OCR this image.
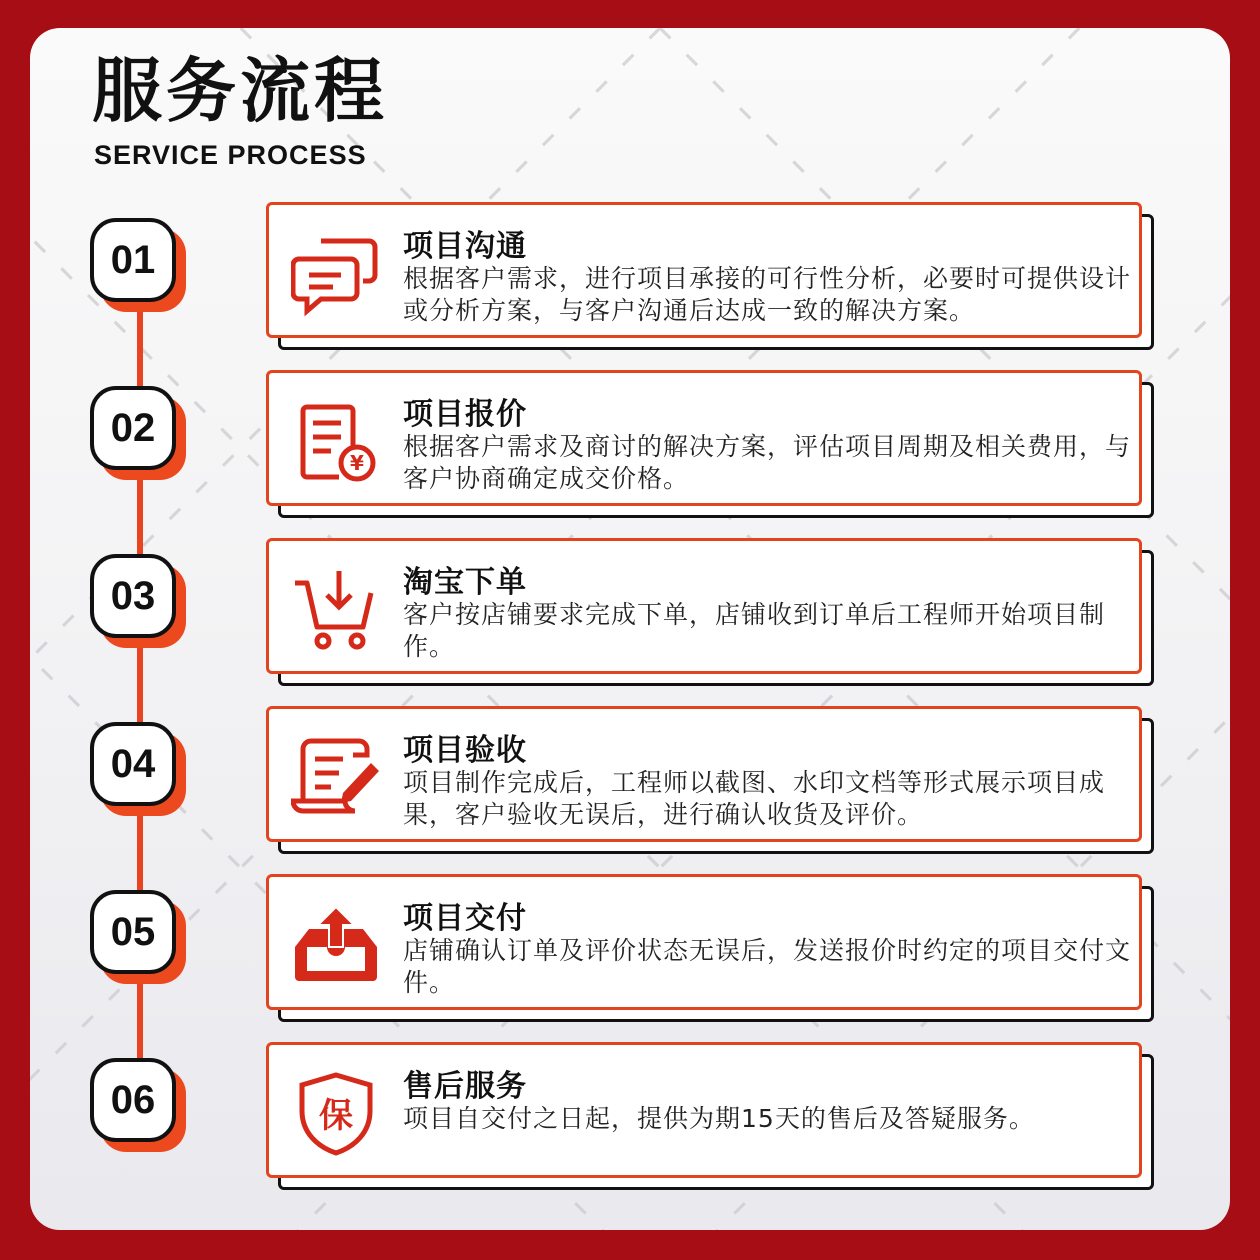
服务流程
SERVICE PROCESS
01
02
03
04
05
06
项目沟通
根据客户需求，进行项目承接的可行性分析，必要时可提供设计或分析方案，与客户沟通后达成一致的解决方案。
¥
项目报价
根据客户需求及商讨的解决方案，评估项目周期及相关费用，与客户协商确定成交价格。
淘宝下单
客户按店铺要求完成下单，店铺收到订单后工程师开始项目制作。
项目验收
项目制作完成后，工程师以截图、水印文档等形式展示项目成果，客户验收无误后，进行确认收货及评价。
项目交付
店铺确认订单及评价状态无误后，发送报价时约定的项目交付文件。
保
售后服务
项目自交付之日起，提供为期15天的售后及答疑服务。
